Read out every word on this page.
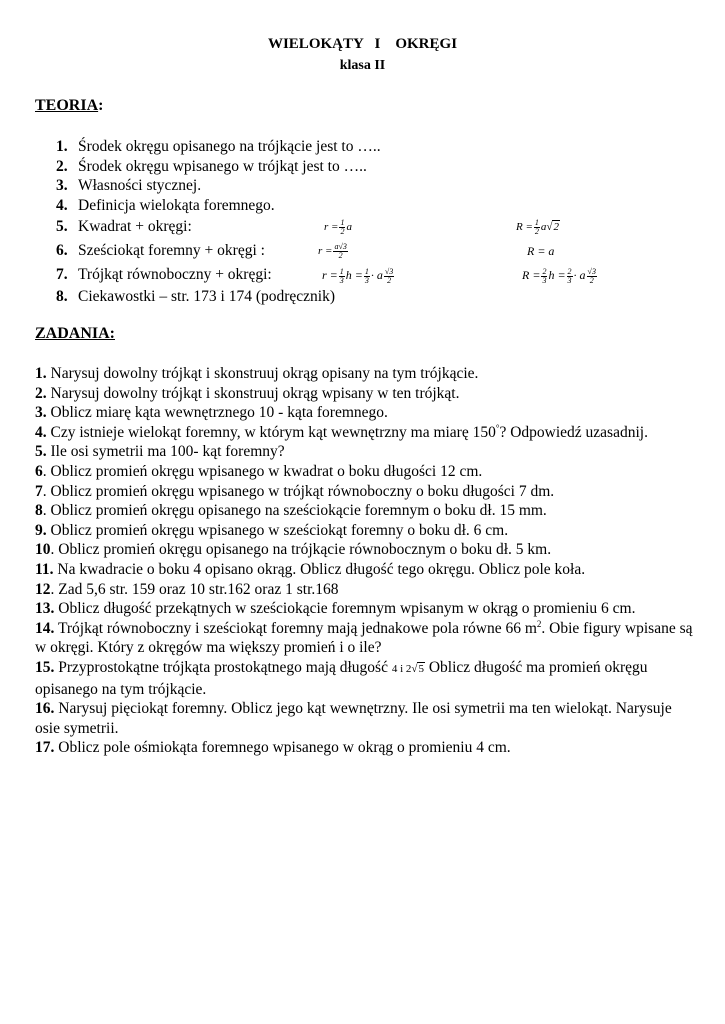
WIELOKĄTY   I    OKRĘGI
klasa II
TEORIA:
1. Środek okręgu opisanego na trójkącie jest to …..
2. Środek okręgu wpisanego w trójkąt jest to …..
3. Własności stycznej.
4. Definicja wielokąta foremnego.
5. Kwadrat + okręgi:	$r = \frac{1}{2}$ a	$R = \frac{1}{2} a√2$
6. Sześciokąt foremny + okręgi :	$r = \frac{a√3}{2}$	R = a
7. Trójkąt równoboczny + okręgi:	$r = \frac{1}{3}$ $h = \frac{1}{3} \cdot a \frac{√3}{2}$	$R = \frac{2}{3}$ $h = \frac{2}{3} \cdot a \frac{√3}{2}$
8. Ciekawostki – str. 173 i 174 (podręcznik)
ZADANIA:

1. Narysuj dowolny trójkąt i skonstruuj okrąg opisany na tym trójkącie.

2. Narysuj dowolny trójkąt i skonstruuj okrąg wpisany w ten trójkąt.

3. Oblicz miarę kąta wewnętrznego 10 - kąta foremnego.

4. Czy istnieje wielokąt foremny, w którym kąt wewnętrzny ma miarę 150°? Odpowiedź uzasadnij.

5. Ile osi symetrii ma 100- kąt foremny?

6. Oblicz promień okręgu wpisanego w kwadrat o boku długości 12 cm.

7. Oblicz promień okręgu wpisanego w trójkąt równoboczny o boku długości 7 dm.

8. Oblicz promień okręgu opisanego na sześciokącie foremnym o boku dł. 15 mm.

9. Oblicz promień okręgu wpisanego w sześciokąt foremny o boku dł. 6 cm.

10. Oblicz promień okręgu opisanego na trójkącie równobocznym o boku dł. 5 km.

11. Na kwadracie o boku 4 opisano okrąg. Oblicz długość tego okręgu. Oblicz pole koła.

12. Zad 5,6 str. 159 oraz 10 str.162 oraz 1 str.168

13. Oblicz długość przekątnych w sześciokącie foremnym wpisanym w okrąg o promieniu 6 cm.

14. Trójkąt równoboczny i sześciokąt foremny mają jednakowe pola równe 66 $m^2$. Obie figury wpisane są w okręgi. Który z okręgów ma większy promień i o ile?

15. Przyprostokątne trójkąta prostokątnego mają długość 4 i 2√5 Oblicz długość ma promień okręgu opisanego na tym trójkącie.

16. Narysuj pięciokąt foremny. Oblicz jego kąt wewnętrzny. Ile osi symetrii ma ten wielokąt. Narysuje osie symetrii.

17. Oblicz pole ośmiokąta foremnego wpisanego w okrąg o promieniu 4 cm.
